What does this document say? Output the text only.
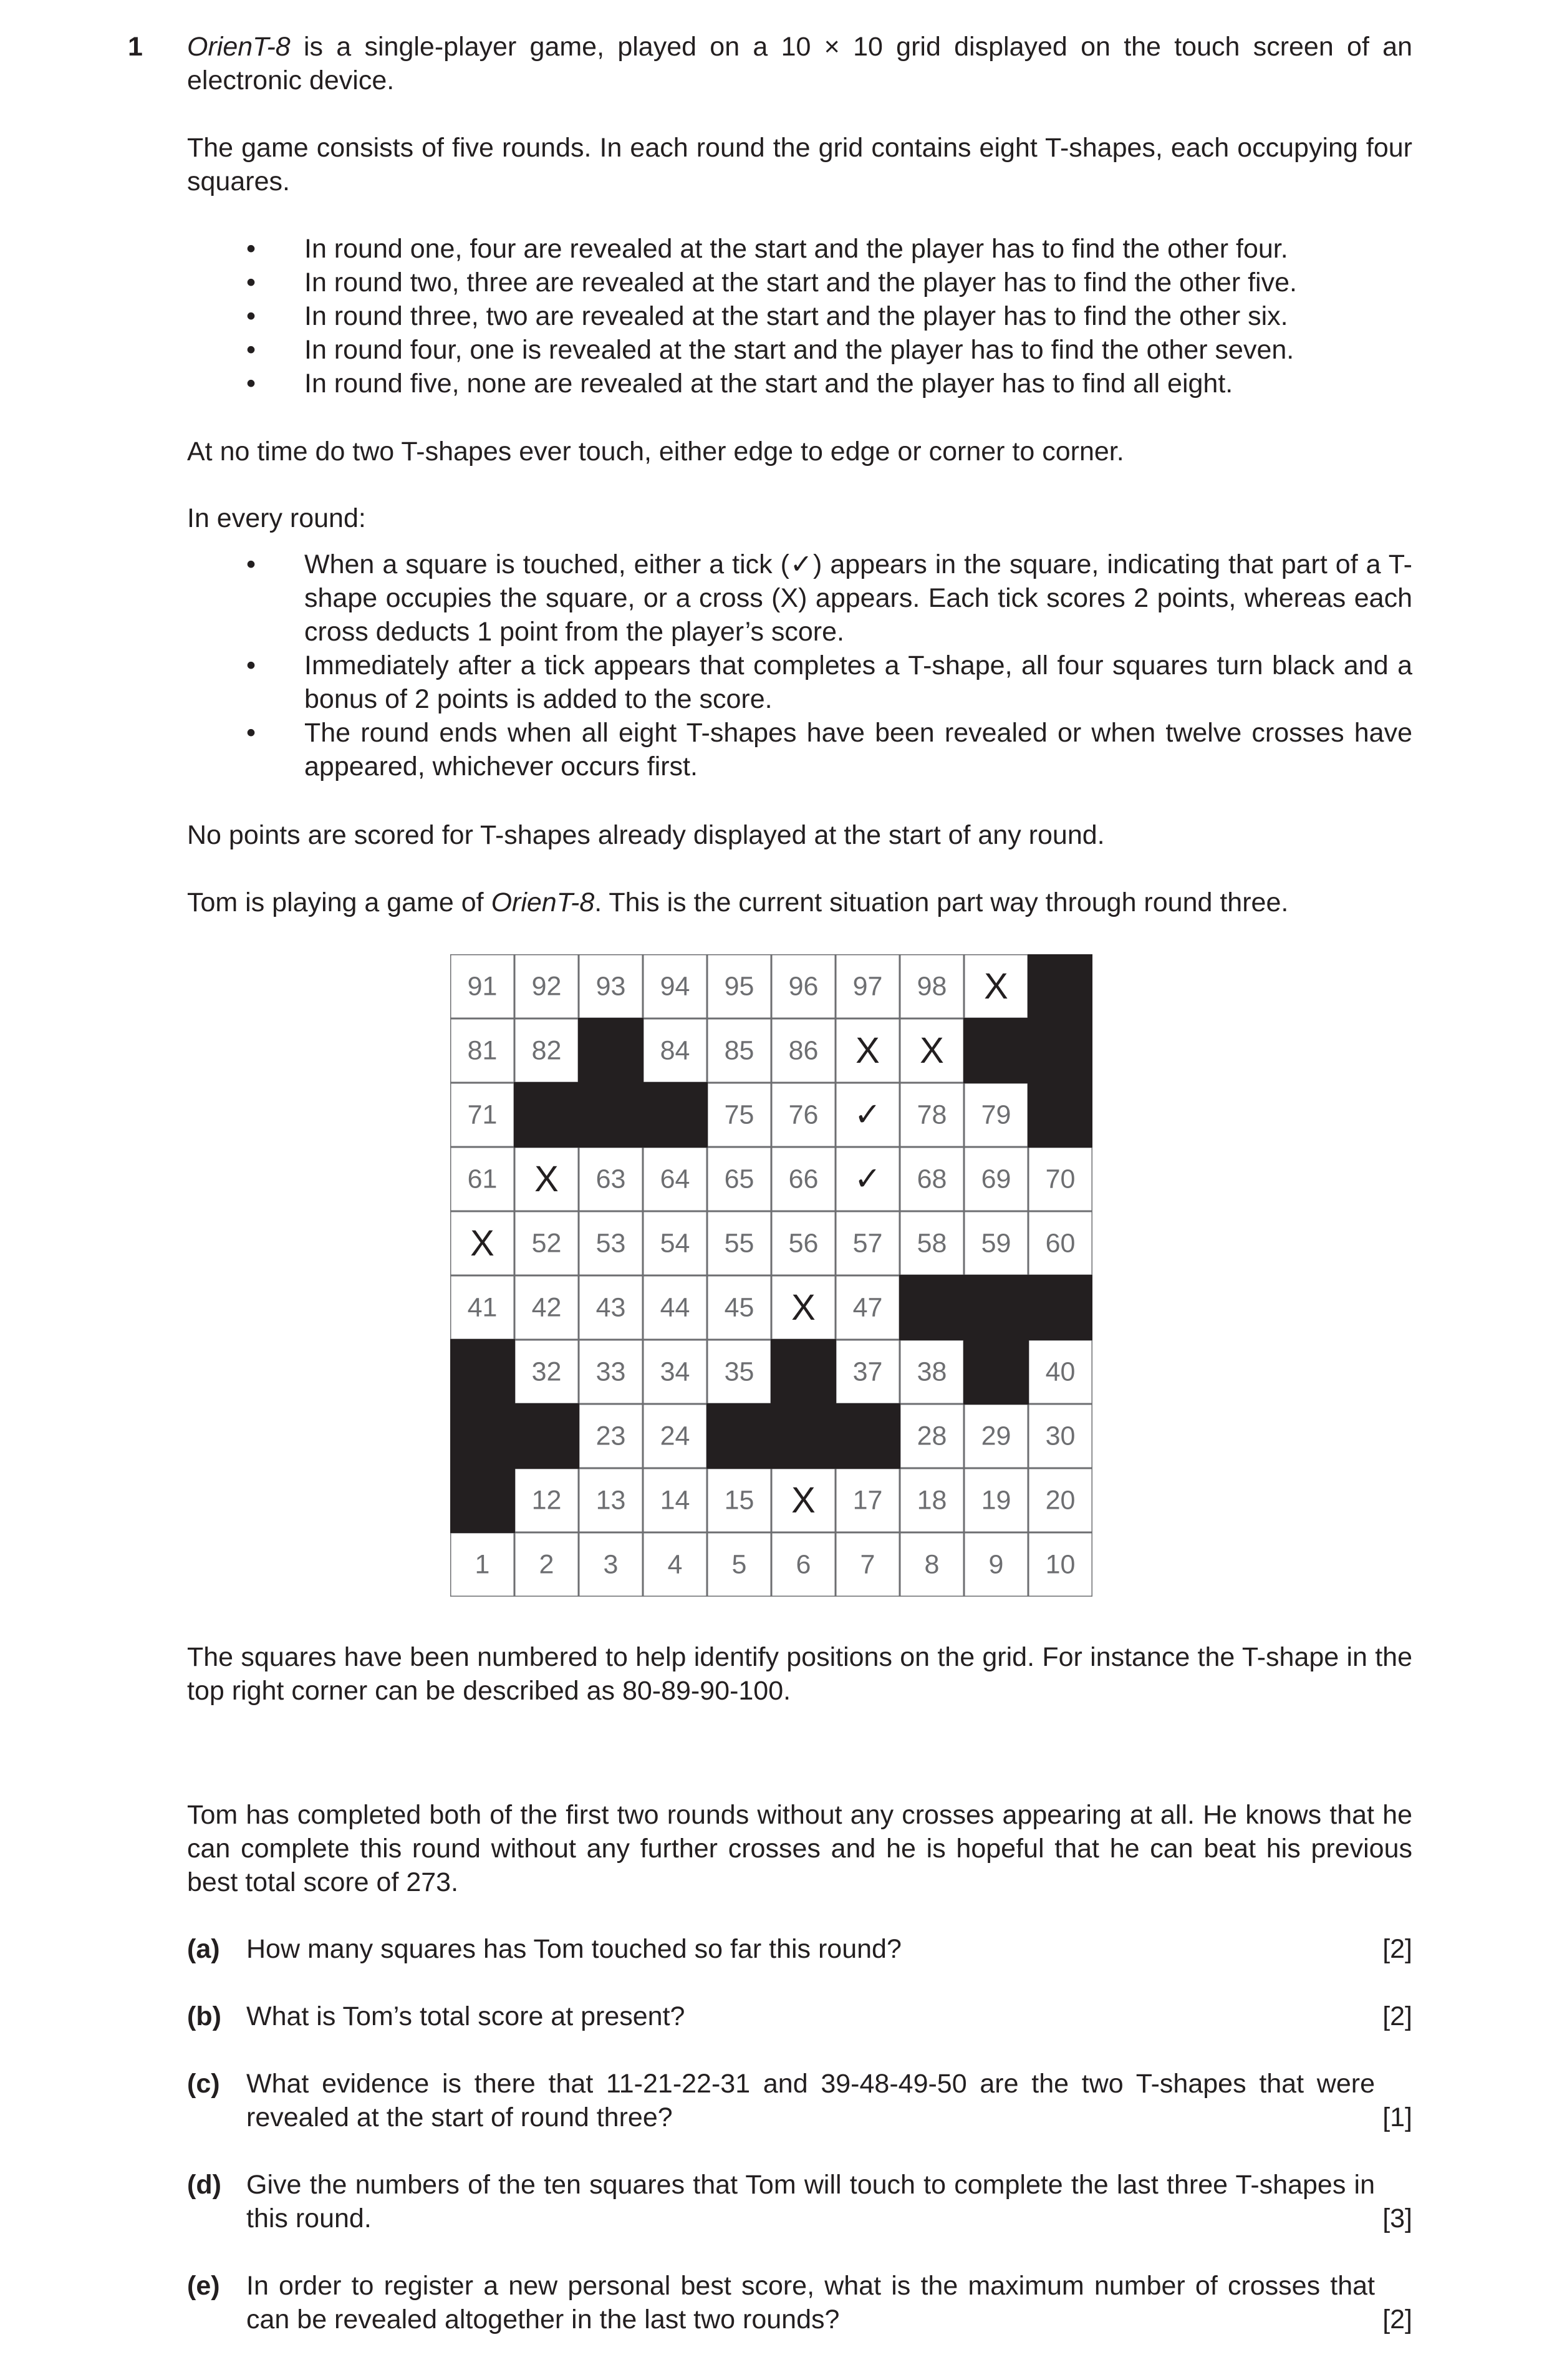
1 OrienT-8 is a single-player game, played on a 10 × 10 grid displayed on the touch screen of an electronic device.
The game consists of five rounds. In each round the grid contains eight T-shapes, each occupying four squares.
• In round one, four are revealed at the start and the player has to find the other four.
• In round two, three are revealed at the start and the player has to find the other five.
• In round three, two are revealed at the start and the player has to find the other six.
• In round four, one is revealed at the start and the player has to find the other seven.
• In round five, none are revealed at the start and the player has to find all eight.
At no time do two T-shapes ever touch, either edge to edge or corner to corner.
In every round:
• When a square is touched, either a tick (✓) appears in the square, indicating that part of a T-shape occupies the square, or a cross (X) appears. Each tick scores 2 points, whereas each cross deducts 1 point from the player’s score.
• Immediately after a tick appears that completes a T-shape, all four squares turn black and a bonus of 2 points is added to the score.
• The round ends when all eight T-shapes have been revealed or when twelve crosses have appeared, whichever occurs first.
No points are scored for T-shapes already displayed at the start of any round.
Tom is playing a game of OrienT-8. This is the current situation part way through round three.
91 92 93 94 95 96 97 98 X
81 82	84 85 86 X X
71	75 76 ✓ 78 79
61 X 63 64 65 66 ✓ 68 69 70
X 52 53 54 55 56 57 58 59 60
41 42 43 44 45 X 47
32 33 34 35	37 38	40
23 24	28 29 30
12 13 14 15 X 17 18 19 20
1 2 3 4 5 6 7 8 9 10
The squares have been numbered to help identify positions on the grid. For instance the T-shape in the top right corner can be described as 80-89-90-100.
Tom has completed both of the first two rounds without any crosses appearing at all. He knows that he can complete this round without any further crosses and he is hopeful that he can beat his previous best total score of 273.
(a) How many squares has Tom touched so far this round?	[2]
(b) What is Tom’s total score at present?	[2]
(c) What evidence is there that 11-21-22-31 and 39-48-49-50 are the two T-shapes that were revealed at the start of round three?	[1]
(d) Give the numbers of the ten squares that Tom will touch to complete the last three T-shapes in this round.	[3]
(e) In order to register a new personal best score, what is the maximum number of crosses that can be revealed altogether in the last two rounds?	[2]
